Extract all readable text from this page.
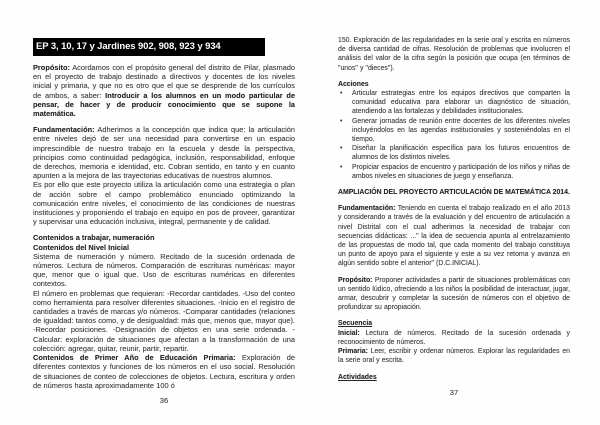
EP 3, 10, 17 y Jardines 902, 908, 923 y 934

Propósito: Acordamos con el propósito general del distrito de Pilar, plasmado en el proyecto de trabajo destinado a directivos y docentes de los niveles inicial y primaria, y que no es otro que el que se desprende de los currículos de ambos, a saber: Introducir a los alumnos en un modo particular de pensar, de hacer y de producir conocimiento que se supone la matemática.

Fundamentación: Adherimos a la concepción que indica que: la articulación entre niveles dejó de ser una necesidad para convertirse en un espacio imprescindible de nuestro trabajo en la escuela y desde la perspectiva, principios como continuidad pedagógica, inclusión, responsabilidad, enfoque de derechos, memoria e identidad, etc. Cobran sentido, en tanto y en cuanto apunten a la mejora de las trayectorias educativas de nuestros alumnos.

Es por ello que este proyecto utiliza la articulación como una estrategia o plan de acción sobre el campo problemático enunciado optimizando la comunicación entre niveles, el conocimiento de las condiciones de nuestras instituciones y proponiendo el trabajo en equipo en pos de proveer, garantizar y supervisar una educación inclusiva, integral, permanente y de calidad.

Contenidos a trabajar, numeración

Contenidos del Nivel Inicial

Sistema de numeración y número. Recitado de la sucesión ordenada de números. Lectura de números. Comparación de escrituras numéricas: mayor que, menor que o igual que. Uso de escrituras numéricas en diferentes contextos.

El número en problemas que requieran: -Recordar cantidades. -Uso del conteo como herramienta para resolver diferentes situaciones. -Inicio en el registro de cantidades a través de marcas y/o números. -Comparar cantidades (relaciones de igualdad: tantos como, y de desigualdad: más que, menos que, mayor que). -Recordar posiciones. -Designación de objetos en una serie ordenada. -Calcular: exploración de situaciones que afectan a la transformación de una colección: agregar, quitar, reunir, partir, repartir.

Contenidos de Primer Año de Educación Primaria: Exploración de diferentes contextos y funciones de los números en el uso social. Resolución de situaciones de conteo de colecciones de objetos. Lectura, escritura y orden de números hasta aproximadamente 100 ó

36

150. Exploración de las regularidades en la serie oral y escrita en números de diversa cantidad de cifras. Resolución de problemas que involucren el análisis del valor de la cifra según la posición que ocupa (en términos de "unos" y "dieces").

Acciones

•	Articular estrategias entre los equipos directivos que comparten la comunidad educativa para elaborar un diagnóstico de situación, atendiendo a las fortalezas y debilidades institucionales.
•	Generar jornadas de reunión entre docentes de los diferentes niveles incluyéndolos en las agendas institucionales y sosteniéndolas en el tiempo.
•	Diseñar la planificación específica para los futuros encuentros de alumnos de los distintos niveles.
•	Propiciar espacios de encuentro y participación de los niños y niñas de ambos niveles en situaciones de juego y enseñanza.

AMPLIACIÓN DEL PROYECTO ARTICULACIÓN DE MATEMÁTICA 2014.

Fundamentación: Teniendo en cuenta el trabajo realizado en el año 2013 y considerando a través de la evaluación y del encuentro de articulación a nivel Distrital con el cual adherimos la necesidad de trabajar con secuencias didácticas: ..." la idea de secuencia apunta al entrelazamiento de las propuestas de modo tal, que cada momento del trabajo constituya un punto de apoyo para el siguiente y este a su vez retoma y avanza en algún sentido sobre el anterior" (D.C.INICIAL).

Propósito: Proponer actividades a partir de situaciones problemáticas con un sentido lúdico, ofreciendo a los niños la posibilidad de interactuar, jugar, armar, descubrir y completar la sucesión de números con el objetivo de profundizar su apropiación.

Secuencia

Inicial: Lectura de números. Recitado de la sucesión ordenada y reconocimiento de números.

Primaria: Leer, escribir y ordenar números. Explorar las regularidades en la serie oral y escrita.

Actividades

37
